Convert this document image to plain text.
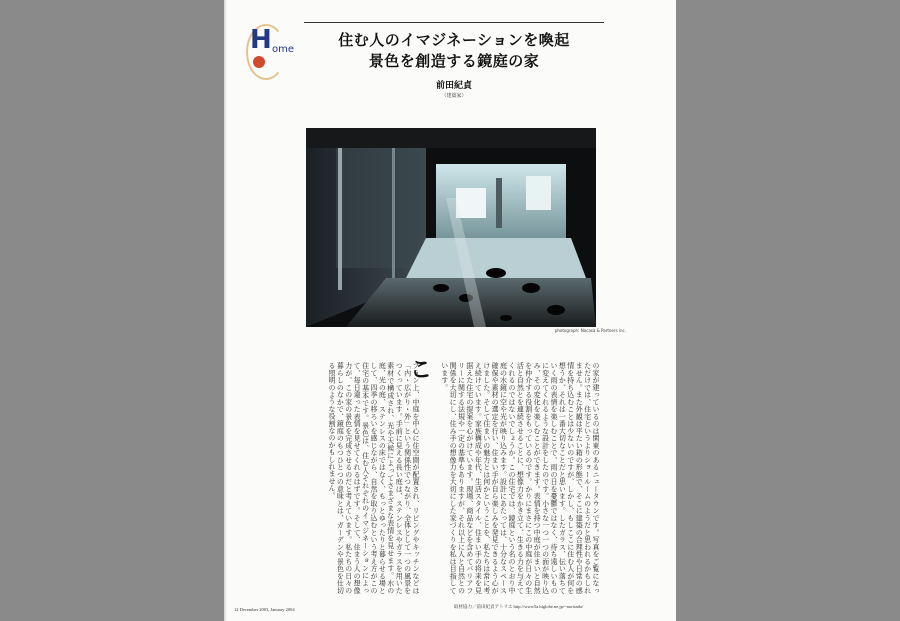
H ome
住む人のイマジネーションを喚起
景色を創造する鏡庭の家
前田紀貞
（建築家）
photograph: Nacasa & Partners inc.
こ	の家が建っているのは閑東のあるニュータウンです。写真をご覧になっただけでは、住宅というよりショールームのようだと思われるかもしれません。また外観は平たい箱の形態で、そこに建築の合理性や日常の感情を持ち込むことは少ないのですが、しかし、もしここに住む人が何を想うか、それは一番大切なことだと思います。したガラス、伝い落ちていく雨の表情を楽しむことで、雨の日を憂鬱ではなく、待ち遠しいものに変えてくれるような設計をしたのです。小さな一つ一つの面が映り込み、その変化を楽しむことができます。表情を持つ中庭が住まいと自然を仲介する役割をもっているのです。かりにまさにこの中庭が日々の生活と自然とを連続させることに、想像力をかき立て、生きる力を与えてくれるのではないでしょうか。この住宅では、鏡庭という名のとおり中庭の水鏡に空や光が映り込みます。設計にあたっては、十分なスペース確保や素材の選定を行い、住まい手が自ら楽しみを発見できるよう心がけました。そして住まいの魅力とは何かということを、私たちは常に考え続けています。家族構成や年代、生活スタイル、住まい手の将来を見据えた住宅の提案を心がけています。現場、商品などを含めてバリアフリーに関する法規や一定の基準もありますが、それ以上に人と自然との関係を大切にし、住み手の想像力を大切にした家づくりを私は目指しています。
プラン上、中庭を中心に住空間が配置され、リビングやキッチンなどは「内・広がり・外」という関係性でつながり、全体として一つの風景をつくっています。手前に見える長い庭は、ステンレスやガラスを用いた素材で構成され、光や天候によってさまざまな表情を見せます。水の庭、光の庭、ステンレスの床ではなく、もっとゆったりと暮らせる場として、四季の移ろいを感じながら、自然を取り込むという考え方がこの住宅の基本です。景色は、住む人それぞれのイマジネーションによって、毎日違った表情を見せてくれるはずです。そして、住まう人の想像力が、この家の景色を完成させるのだと考えています。私たちの日々の暮らしのなかで、鏡庭のもつひとつの意味とは、ガーデンや景色を仕切る照明のような役割なのかもしれません。
12 December 2003, January 2004
取材協力／前田紀貞アトリエ http://www5a.biglobe.ne.jp/~norisada/
